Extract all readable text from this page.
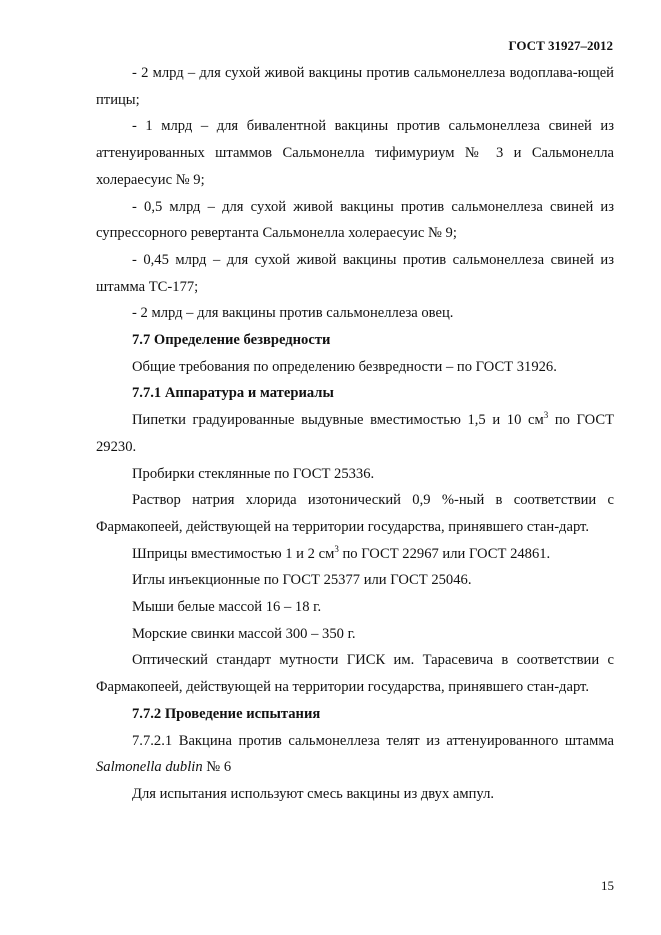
ГОСТ 31927–2012

- 2 млрд – для сухой живой вакцины против сальмонеллеза водоплава-ющей птицы;

- 1 млрд – для бивалентной вакцины против сальмонеллеза свиней из аттенуированных штаммов Сальмонелла тифимуриум № 3 и Сальмонелла холераесуис № 9;

- 0,5 млрд – для сухой живой вакцины против сальмонеллеза свиней из супрессорного ревертанта Сальмонелла холераесуис № 9;

- 0,45 млрд – для сухой живой вакцины против сальмонеллеза свиней из штамма ТС-177;

- 2 млрд – для вакцины против сальмонеллеза овец.

7.7 Определение безвредности

Общие требования по определению безвредности – по ГОСТ 31926.

7.7.1 Аппаратура и материалы

Пипетки градуированные выдувные вместимостью 1,5 и 10 $см^3$ по ГОСТ 29230.

Пробирки стеклянные по ГОСТ 25336.

Раствор натрия хлорида изотонический 0,9 %-ный в соответствии с Фармакопеей, действующей на территории государства, принявшего стан-дарт.

Шприцы вместимостью 1 и 2 $см^3$ по ГОСТ 22967 или ГОСТ 24861.

Иглы инъекционные по ГОСТ 25377 или ГОСТ 25046.

Мыши белые массой 16 – 18 г.

Морские свинки массой 300 – 350 г.

Оптический стандарт мутности ГИСК им. Тарасевича в соответствии с Фармакопеей, действующей на территории государства, принявшего стан-дарт.

7.7.2 Проведение испытания

7.7.2.1 Вакцина против сальмонеллеза телят из аттенуированного штамма Salmonella dublin № 6

Для испытания используют смесь вакцины из двух ампул.

15
